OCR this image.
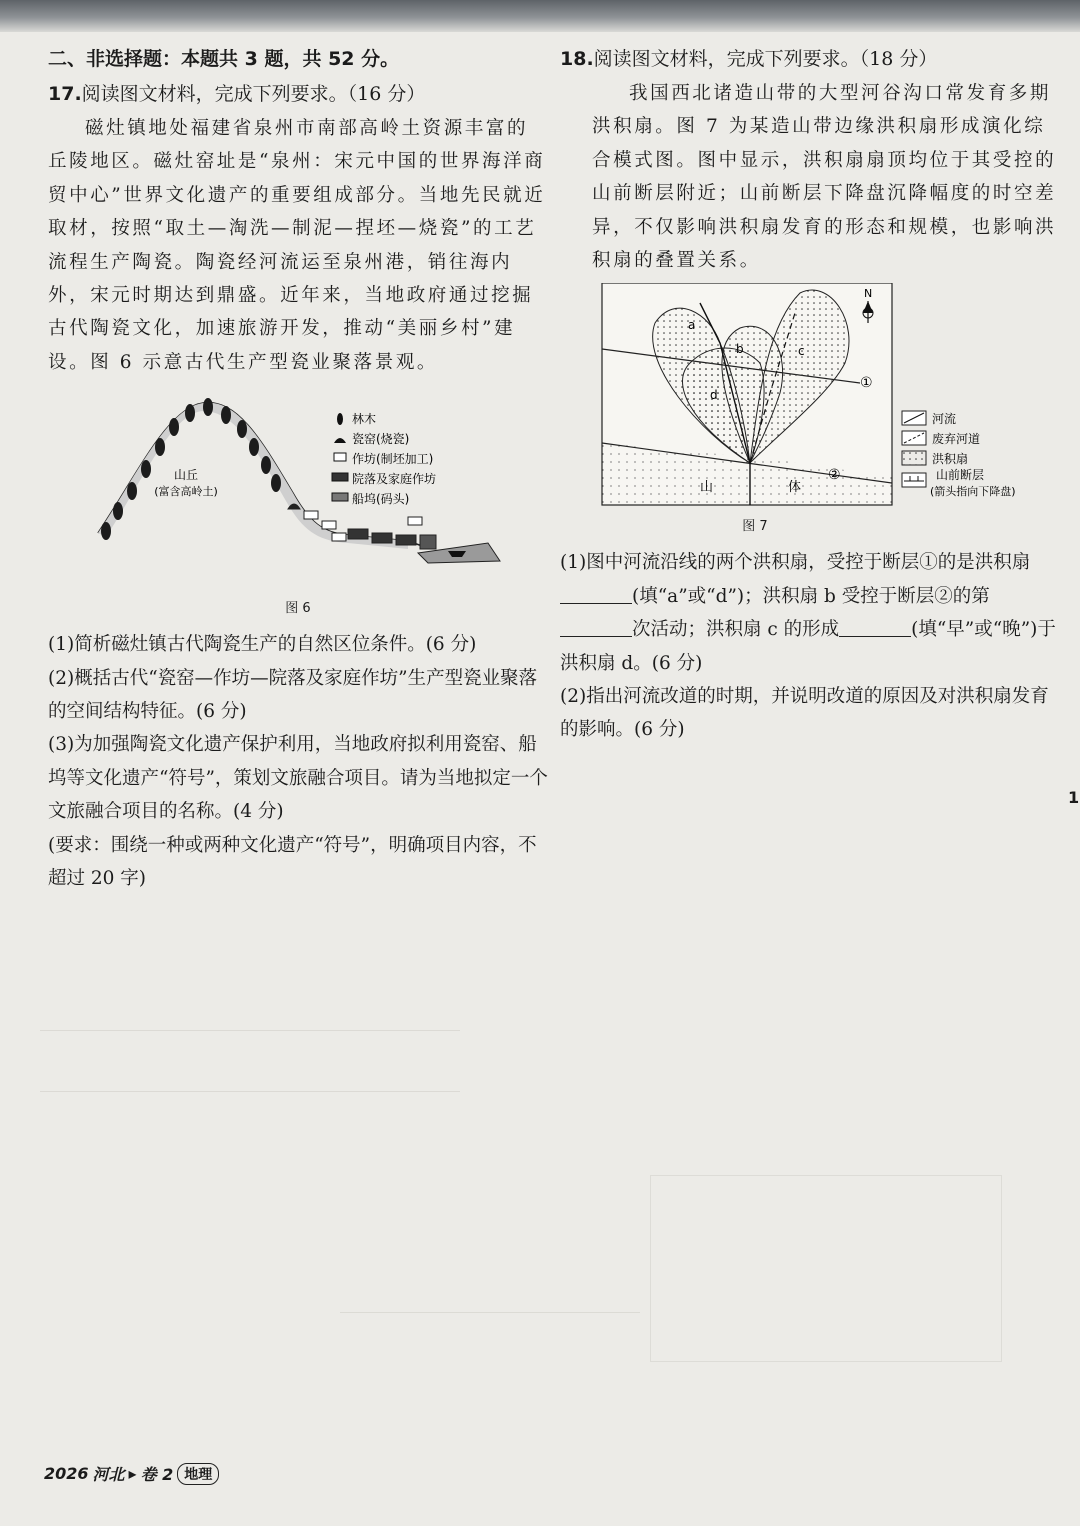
二、非选择题：本题共 3 题，共 52 分。

17.阅读图文材料，完成下列要求。（16 分）

磁灶镇地处福建省泉州市南部高岭土资源丰富的丘陵地区。磁灶窑址是“泉州：宋元中国的世界海洋商贸中心”世界文化遗产的重要组成部分。当地先民就近取材，按照“取土—淘洗—制泥—捏坯—烧瓷”的工艺流程生产陶瓷。陶瓷经河流运至泉州港，销往海内外，宋元时期达到鼎盛。近年来，当地政府通过挖掘古代陶瓷文化，加速旅游开发，推动“美丽乡村”建设。图 6 示意古代生产型瓷业聚落景观。

山丘
(富含高岭土)
林木
瓷窑(烧瓷)
作坊(制坯加工)
院落及家庭作坊
船坞(码头)

图 6

(1)简析磁灶镇古代陶瓷生产的自然区位条件。(6 分)

(2)概括古代“瓷窑—作坊—院落及家庭作坊”生产型瓷业聚落的空间结构特征。(6 分)

(3)为加强陶瓷文化遗产保护利用，当地政府拟利用瓷窑、船坞等文化遗产“符号”，策划文旅融合项目。请为当地拟定一个文旅融合项目的名称。(4 分)

(要求：围绕一种或两种文化遗产“符号”，明确项目内容，不超过 20 字)

18.阅读图文材料，完成下列要求。（18 分）

我国西北诸造山带的大型河谷沟口常发育多期洪积扇。图 7 为某造山带边缘洪积扇形成演化综合模式图。图中显示，洪积扇扇顶均位于其受控的山前断层附近；山前断层下降盘沉降幅度的时空差异，不仅影响洪积扇发育的形态和规模，也影响洪积扇的叠置关系。

a
b	c
d
①
②
山	体
N
河流
废弃河道
洪积扇
山前断层
(箭头指向下降盘)

图 7

(1)图中河流沿线的两个洪积扇，受控于断层①的是洪积扇(填“a”或“d”)；洪积扇 b 受控于断层②的第次活动；洪积扇 c 的形成	(填“早”或“晚”)于洪积扇 d。(6 分)

(2)指出河流改道的时期，并说明改道的原因及对洪积扇发育的影响。(6 分)

1
2026 河北 ▸ 卷 2 地理
